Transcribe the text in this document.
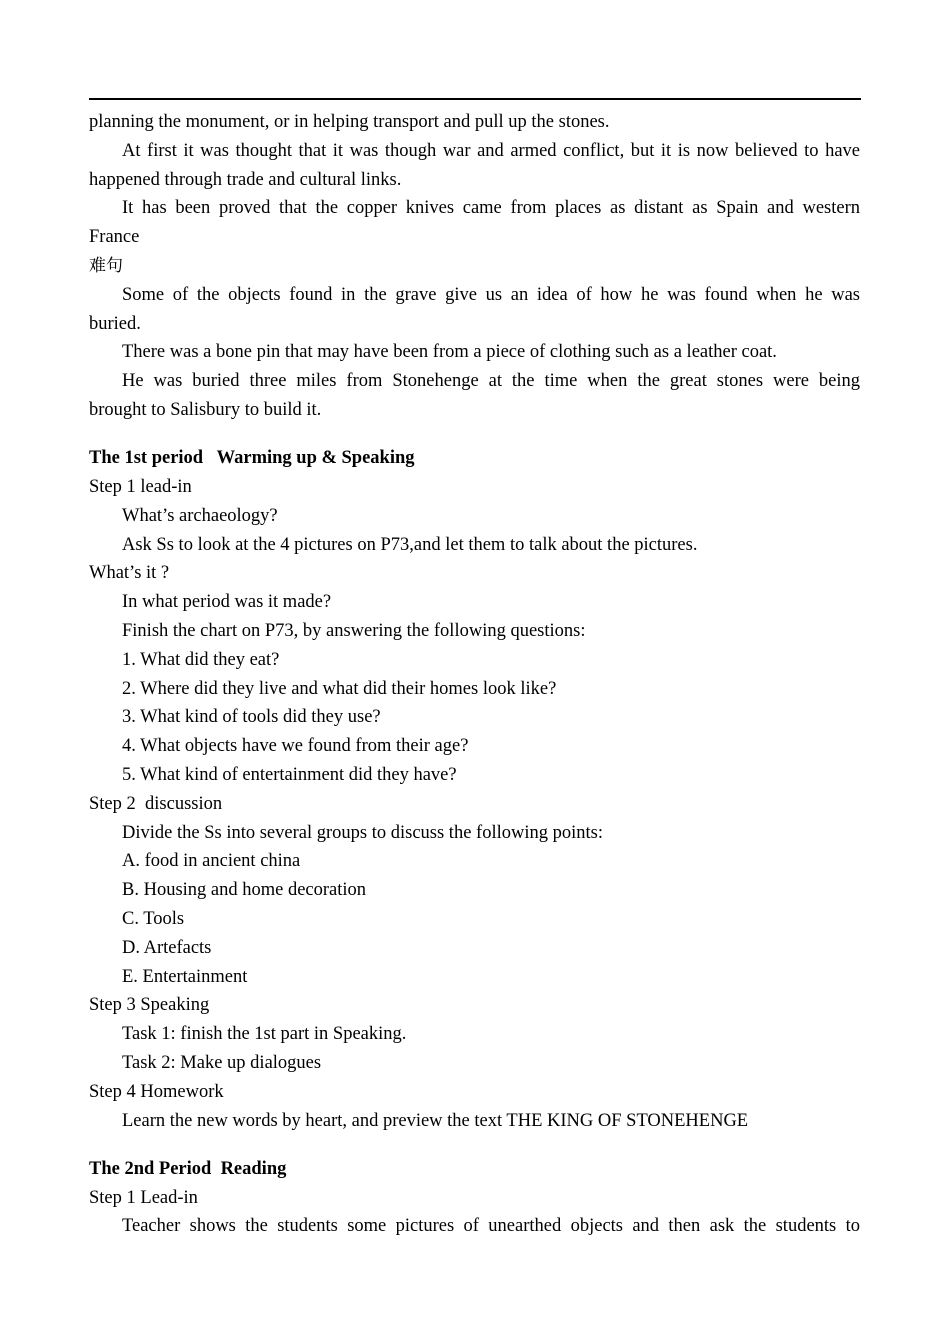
planning the monument, or in helping transport and pull up the stones.
At first it was thought that it was though war and armed conflict, but it is now believed to have
happened through trade and cultural links.
It has been proved that the copper knives came from places as distant as Spain and western
France
难句
Some of the objects found in the grave give us an idea of how he was found when he was
buried.
There was a bone pin that may have been from a piece of clothing such as a leather coat.
He was buried three miles from Stonehenge at the time when the great stones were being
brought to Salisbury to build it.
The 1st period   Warming up & Speaking
Step 1 lead-in
What’s archaeology?
Ask Ss to look at the 4 pictures on P73,and let them to talk about the pictures.
What’s it ?
In what period was it made?
Finish the chart on P73, by answering the following questions:
1. What did they eat?
2. Where did they live and what did their homes look like?
3. What kind of tools did they use?
4. What objects have we found from their age?
5. What kind of entertainment did they have?
Step 2  discussion
Divide the Ss into several groups to discuss the following points:
A. food in ancient china
B. Housing and home decoration
C. Tools
D. Artefacts
E. Entertainment
Step 3 Speaking
Task 1: finish the 1st part in Speaking.
Task 2: Make up dialogues
Step 4 Homework
Learn the new words by heart, and preview the text THE KING OF STONEHENGE
The 2nd Period  Reading
Step 1 Lead-in
Teacher shows the students some pictures of unearthed objects and then ask the students to
